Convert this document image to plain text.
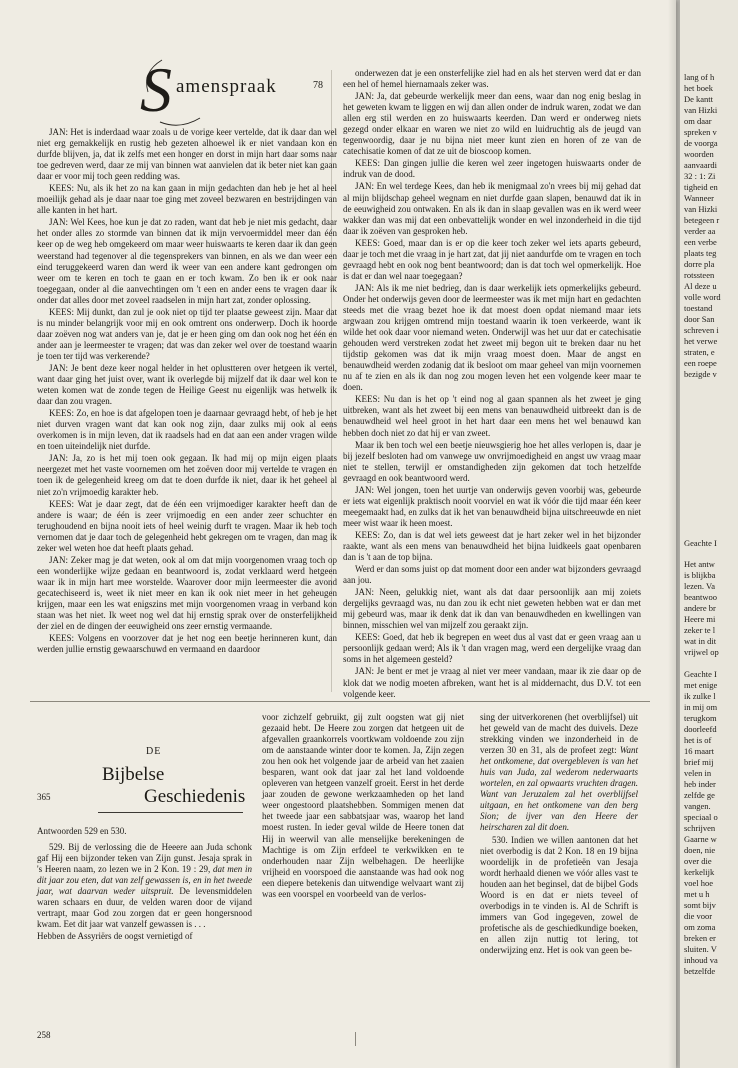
S amenspraak	78

JAN: Het is inderdaad waar zoals u de vorige keer vertelde, dat ik daar dan wel niet erg gemakkelijk en rustig heb gezeten alhoewel ik er niet vandaan kon en durfde blijven, ja, dat ik zelfs met een honger en dorst in mijn hart daar soms naar toe gedreven werd, daar ze mij van binnen wat aanvielen dat ik beter niet kan gaan daar er voor mij toch geen redding was.

KEES: Nu, als ik het zo na kan gaan in mijn gedachten dan heb je het al heel moeilijk gehad als je daar naar toe ging met zoveel bezwaren en bestrijdingen van alle kanten in het hart.

JAN: Wel Kees, hoe kun je dat zo raden, want dat heb je niet mis gedacht, daar het onder alles zo stormde van binnen dat ik mijn vervoermiddel meer dan één keer op de weg heb omgekeerd om maar weer huiswaarts te keren daar ik dan geen weerstand had tegenover al die tegensprekers van binnen, en als we dan weer een eind teruggekeerd waren dan werd ik weer van een andere kant gedrongen om weer om te keren en toch te gaan en er toch kwam. Zo ben ik er ook naar toegegaan, onder al die aanvechtingen om 't een en ander eens te vragen daar ik onder dat alles door met zoveel raadselen in mijn hart zat, zonder oplossing.

KEES: Mij dunkt, dan zul je ook niet op tijd ter plaatse geweest zijn. Maar dat is nu minder belangrijk voor mij en ook omtrent ons onderwerp. Doch ik hoorde daar zoëven nog wat anders van je, dat je er heen ging om dan ook nog het één en ander aan je leermeester te vragen; dat was dan zeker wel over de toestand waarin je toen ter tijd was verkerende?

JAN: Je bent deze keer nogal helder in het oplustteren over hetgeen ik vertel, want daar ging het juist over, want ik overlegde bij mijzelf dat ik daar wel kon te weten komen wat de zonde tegen de Heilige Geest nu eigenlijk was hetwelk ik daar dan zou vragen.

KEES: Zo, en hoe is dat afgelopen toen je daarnaar gevraagd hebt, of heb je het niet durven vragen want dat kan ook nog zijn, daar zulks mij ook al eens overkomen is in mijn leven, dat ik raadsels had en dat aan een ander vragen wilde en toen uiteindelijk niet durfde.

JAN: Ja, zo is het mij toen ook gegaan. Ik had mij op mijn eigen plaats neergezet met het vaste voornemen om het zoëven door mij vertelde te vragen en toen ik de gelegenheid kreeg om dat te doen durfde ik niet, daar ik het geheel al niet zo'n vrijmoedig karakter heb.

KEES: Wat je daar zegt, dat de één een vrijmoediger karakter heeft dan de andere is waar; de één is zeer vrijmoedig en een ander zeer schuchter en terughoudend en bijna nooit iets of heel weinig durft te vragen. Maar ik heb toch vernomen dat je daar toch de gelegenheid hebt gekregen om te vragen, dan mag ik zeker wel weten hoe dat heeft plaats gehad.

JAN: Zeker mag je dat weten, ook al om dat mijn voorgenomen vraag toch op een wonderlijke wijze gedaan en beantwoord is, zodat verklaard werd hetgeen waar ik in mijn hart mee worstelde. Waarover door mijn leermeester die avond gecatechiseerd is, weet ik niet meer en kan ik ook niet meer in het geheugen krijgen, maar een les wat enigszins met mijn voorgenomen vraag in verband kon staan was het niet. Ik weet nog wel dat hij ernstig sprak over de onsterfelijkheid der ziel en de dingen der eeuwigheid ons zeer ernstig vermaande.

KEES: Volgens en voorzover dat je het nog een beetje herinneren kunt, dan werden jullie ernstig gewaarschuwd en vermaand en daardoor

onderwezen dat je een onsterfelijke ziel had en als het sterven werd dat er dan een hel of hemel hiernamaals zeker was.

JAN: Ja, dat gebeurde werkelijk meer dan eens, waar dan nog enig beslag in het geweten kwam te liggen en wij dan allen onder de indruk waren, zodat we dan allen erg stil werden en zo huiswaarts keerden. Dan werd er onderweg niets gezegd onder elkaar en waren we niet zo wild en luidruchtig als de jeugd van tegenwoordig, daar je nu bijna niet meer kunt zien en horen of ze van de catechisatie komen of dat ze uit de bioscoop komen.

KEES: Dan gingen jullie die keren wel zeer ingetogen huiswaarts onder de indruk van de dood.

JAN: En wel terdege Kees, dan heb ik menigmaal zo'n vrees bij mij gehad dat al mijn blijdschap geheel wegnam en niet durfde gaan slapen, benauwd dat ik in de eeuwigheid zou ontwaken. En als ik dan in slaap gevallen was en ik werd weer wakker dan was mij dat een onbevattelijk wonder en wel inzonderheid in die tijd daar ik zoëven van gesproken heb.

KEES: Goed, maar dan is er op die keer toch zeker wel iets aparts gebeurd, daar je toch met die vraag in je hart zat, dat jij niet aandurfde om te vragen en toch gevraagd hebt en ook nog bent beantwoord; dan is dat toch wel opmerkelijk. Hoe is dat er dan wel naar toegegaan?

JAN: Als ik me niet bedrieg, dan is daar werkelijk iets opmerkelijks gebeurd. Onder het onderwijs geven door de leermeester was ik met mijn hart en gedachten steeds met die vraag bezet hoe ik dat moest doen opdat niemand maar iets argwaan zou krijgen omtrend mijn toestand waarin ik toen verkeerde, want ik wilde het ook daar voor niemand weten. Onderwijl was het uur dat er catechisatie gehouden werd verstreken zodat het zweet mij begon uit te breken daar nu het tijdstip gekomen was dat ik mijn vraag moest doen. Maar de angst en benauwdheid werden zodanig dat ik besloot om maar geheel van mijn voornemen nu af te zien en als ik dan nog zou mogen leven het een volgende keer maar te doen.

KEES: Nu dan is het op 't eind nog al gaan spannen als het zweet je ging uitbreken, want als het zweet bij een mens van benauwdheid uitbreekt dan is de benauwdheid wel heel groot in het hart daar een mens het wel benauwd kan hebben doch niet zo dat hij er van zweet.

Maar ik ben toch wel een beetje nieuwsgierig hoe het alles verlopen is, daar je bij jezelf besloten had om vanwege uw onvrijmoedigheid en angst uw vraag maar niet te stellen, terwijl er omstandigheden zijn gekomen dat toch hetzelfde gevraagd en ook beantwoord werd.

JAN: Wel jongen, toen het uurtje van onderwijs geven voorbij was, gebeurde er iets wat eigenlijk praktisch nooit voorviel en wat ik vóór die tijd maar één keer meegemaakt had, en zulks dat ik het van benauwdheid bijna uitschreeuwde en niet meer wist waar ik heen moest.

KEES: Zo, dan is dat wel iets geweest dat je hart zeker wel in het bijzonder raakte, want als een mens van benauwdheid het bijna luidkeels gaat openbaren dan is 't aan de top bijna.

Werd er dan soms juist op dat moment door een ander wat bijzonders gevraagd aan jou.

JAN: Neen, gelukkig niet, want als dat daar persoonlijk aan mij zoiets dergelijks gevraagd was, nu dan zou ik echt niet geweten hebben wat er dan met mij gebeurd was, maar ik denk dat ik dan van benauwdheden en kwellingen van binnen, misschien wel van mijzelf zou geraakt zijn.

KEES: Goed, dat heb ik begrepen en weet dus al vast dat er geen vraag aan u persoonlijk gedaan werd; Als ik 't dan vragen mag, werd een dergelijke vraag dan soms in het algemeen gesteld?

JAN: Je bent er met je vraag al niet ver meer vandaan, maar ik zie daar op de klok dat we nodig moeten afbreken, want het is al middernacht, dus D.V. tot een volgende keer.

DE
Bijbelse
365	Geschiedenis
Antwoorden 529 en 530.

529. Bij de verlossing die de Heeere aan Juda schonk gaf Hij een bijzonder teken van Zijn gunst. Jesaja sprak in 's Heeren naam, zo lezen we in 2 Kon. 19 : 29, dat men in dit jaar zou eten, dat van zelf gewassen is, en in het tweede jaar, wat daarvan weder uitspruit. De levensmiddelen waren schaars en duur, de velden waren door de vijand vertrapt, maar God zou zorgen dat er geen hongersnood kwam. Eet dit jaar wat vanzelf gewassen is . . .

Hebben de Assyriërs de oogst vernietigd of

voor zichzelf gebruikt, gij zult oogsten wat gij niet gezaaid hebt. De Heere zou zorgen dat hetgeen uit de afgevallen graankorrels voortkwam voldoende zou zijn om de aanstaande winter door te komen. Ja, Zijn zegen zou hen ook het volgende jaar de arbeid van het zaaien besparen, want ook dat jaar zal het land voldoende opleveren van hetgeen vanzelf groeit. Eerst in het derde jaar zouden de gewone werkzaamheden op het land weer ongestoord plaatshebben. Sommigen menen dat het tweede jaar een sabbatsjaar was, waarop het land moest rusten. In ieder geval wilde de Heere tonen dat Hij in weerwil van alle menselijke berekeningen de Machtige is om Zijn erfdeel te verkwikken en te onderhouden naar Zijn welbehagen. De heerlijke vrijheid en voorspoed die aanstaande was had ook nog een diepere betekenis dan uitwendige welvaart want zij was een voorspel en voorbeeld van de verlos-

sing der uitverkorenen (het overblijfsel) uit het geweld van de macht des duivels. Deze strekking vinden we inzonderheid in de verzen 30 en 31, als de profeet zegt: Want het ontkomene, dat overgebleven is van het huis van Juda, zal wederom nederwaarts wortelen, en zal opwaarts vruchten dragen. Want van Jeruzalem zal het overblijfsel uitgaan, en het ontkomene van den berg Sion; de ijver van den Heere der heirscharen zal dit doen.

530. Indien we willen aantonen dat het niet overbodig is dat 2 Kon. 18 en 19 bijna woordelijk in de profetieën van Jesaja wordt herhaald dienen we vóór alles vast te houden aan het beginsel, dat de bijbel Gods Woord is en dat er niets teveel of overbodigs in te vinden is. Al de Schrift is immers van God ingegeven, zowel de profetische als de geschiedkundige boeken, en allen zijn nuttig tot lering, tot onderwijzing enz. Het is ook van geen be-

258
lang of h
het boek
De kantt
van Hizki
om daar
spreken v
de voorga
woorden
aanvaardi
32 : 1: Zi
tigheid en
Wanneer
van Hizki
betegeen r
verder aa
een verbe
plaats teg
dorre pla
rotssteen
Al deze u
volle word
toestand
door San
schreven i
het verwe
straten, e
een roepe
bezigde v
Geachte I
Het antw
is blijkba
lezen. Va
beantwoo
andere br
Heere mi
zeker te l
wat in dit
vrijwel op

Geachte I
met enige
ik zulke l
in mij om
terugkom
doorleefd
het is of
16 maart
brief mij
velen in
heb inder
zelfde ge
vangen.
speciaal o
schrijven
Gaarne w
doen, nie
over die
kerkelijk
voel hoe
met u h
somt bijv
die voor
om zoma
breken er
sluiten. V
inhoud va
betzelfde
